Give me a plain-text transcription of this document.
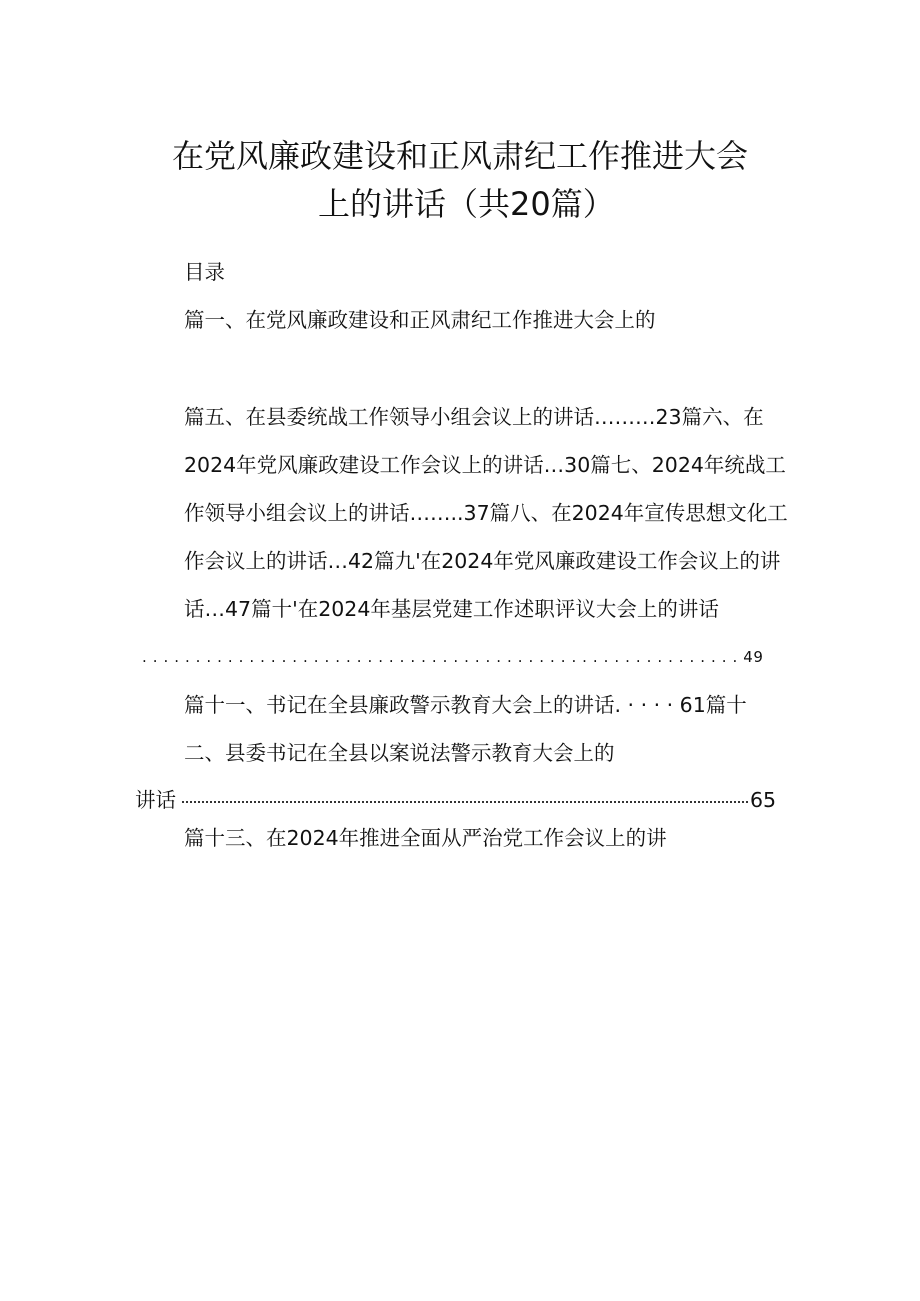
在党风廉政建设和正风肃纪工作推进大会
上的讲话（共20篇）
目录
篇一、在党风廉政建设和正风肃纪工作推进大会上的
篇五、在县委统战工作领导小组会议上的讲话………23篇六、在
2024年党风廉政建设工作会议上的讲话…30篇七、2024年统战工
作领导小组会议上的讲话……..37篇八、在2024年宣传思想文化工
作会议上的讲话…42篇九'在2024年党风廉政建设工作会议上的讲
话…47篇十'在2024年基层党建工作述职评议大会上的讲话
. . . . . . . . . . . . . . . . . . . . . . . . . . . . . . . . . . . . . . . . . . . . . . . . . . . . . . . . 49
篇十一、书记在全县廉政警示教育大会上的讲话. · · · · 61篇十
二、县委书记在全县以案说法警示教育大会上的
讲话	65
篇十三、在2024年推进全面从严治党工作会议上的讲
